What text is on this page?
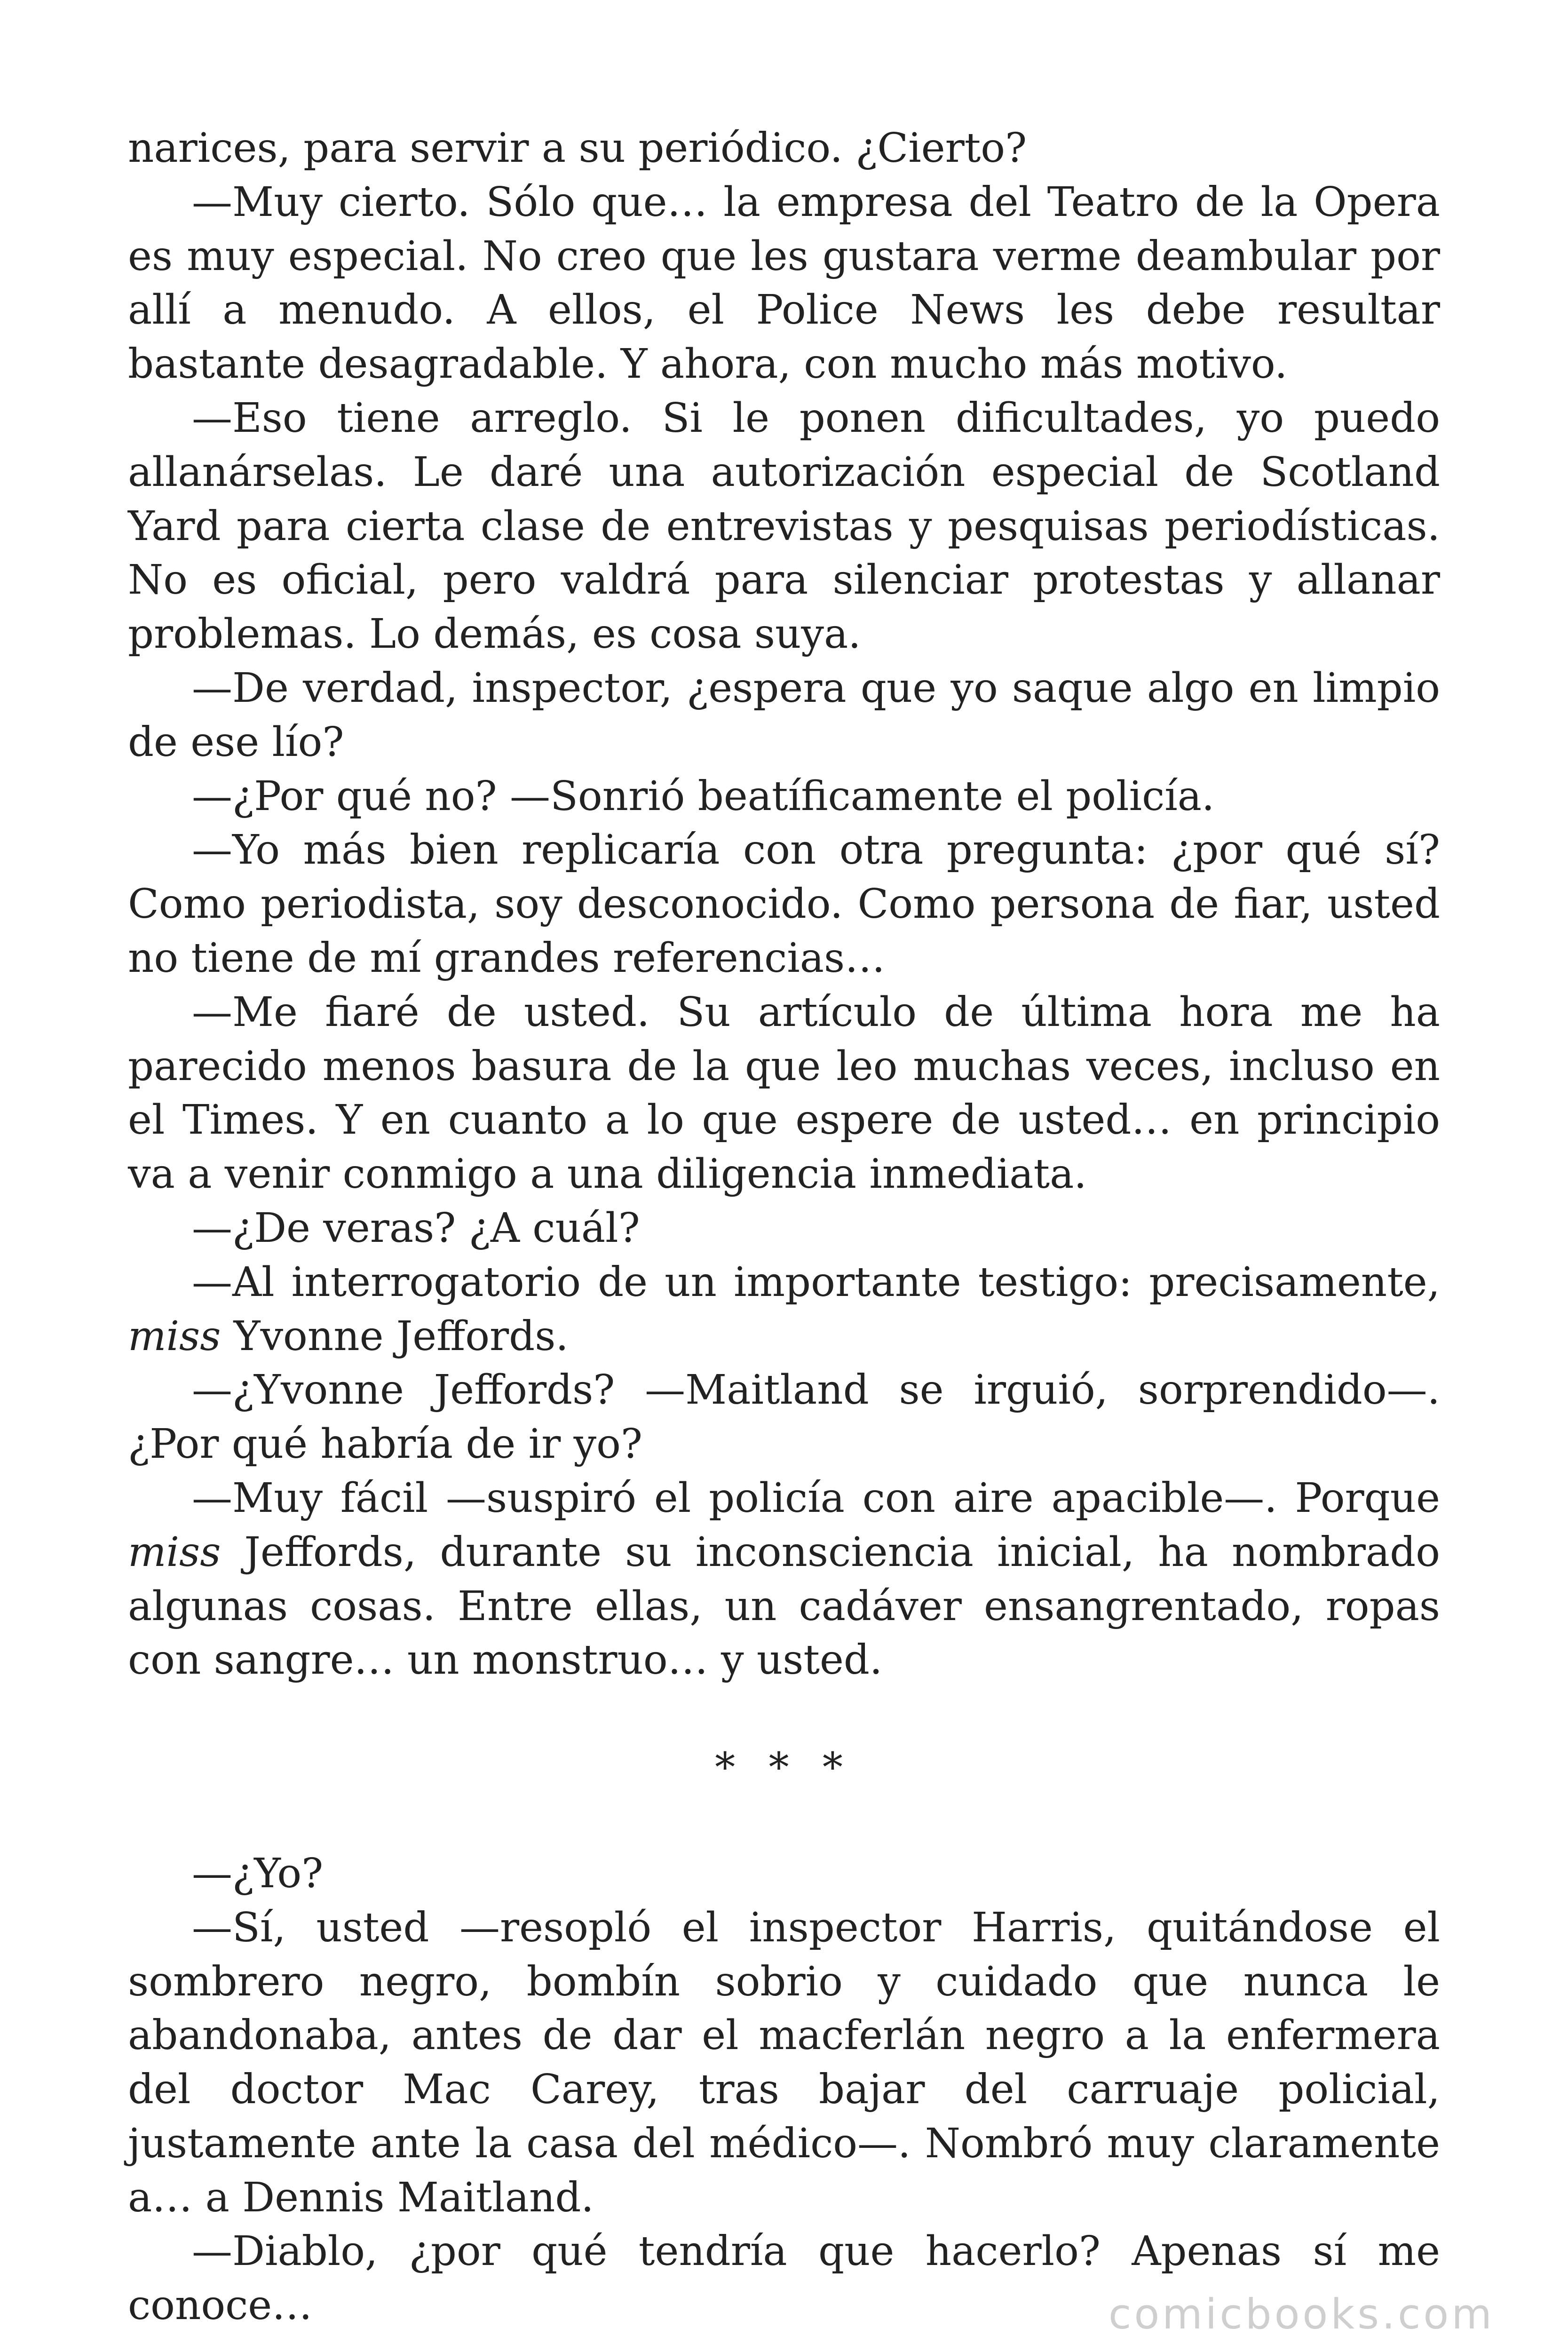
narices, para servir a su periódico. ¿Cierto?

—Muy cierto. Sólo que… la empresa del Teatro de la Opera es muy especial. No creo que les gustara verme deambular por allí a menudo. A ellos, el Police News les debe resultar bastante desagradable. Y ahora, con mucho más motivo.

—Eso tiene arreglo. Si le ponen dificultades, yo puedo allanárselas. Le daré una autorización especial de Scotland Yard para cierta clase de entrevistas y pesquisas periodísticas. No es oficial, pero valdrá para silenciar protestas y allanar problemas. Lo demás, es cosa suya.

—De verdad, inspector, ¿espera que yo saque algo en limpio de ese lío?

—¿Por qué no? —Sonrió beatíficamente el policía.

—Yo más bien replicaría con otra pregunta: ¿por qué sí? Como periodista, soy desconocido. Como persona de fiar, usted no tiene de mí grandes referencias…

—Me fiaré de usted. Su artículo de última hora me ha parecido menos basura de la que leo muchas veces, incluso en el Times. Y en cuanto a lo que espere de usted… en principio va a venir conmigo a una diligencia inmediata.

—¿De veras? ¿A cuál?

—Al interrogatorio de un importante testigo: precisamente, miss Yvonne Jeffords.

—¿Yvonne Jeffords? —Maitland se irguió, sorprendido—. ¿Por qué habría de ir yo?

—Muy fácil —suspiró el policía con aire apacible—. Porque miss Jeffords, durante su inconsciencia inicial, ha nombrado algunas cosas. Entre ellas, un cadáver ensangrentado, ropas con sangre… un monstruo… y usted.

* * *

—¿Yo?

—Sí, usted —resopló el inspector Harris, quitándose el sombrero negro, bombín sobrio y cuidado que nunca le abandonaba, antes de dar el macferlán negro a la enfermera del doctor Mac Carey, tras bajar del carruaje policial, justamente ante la casa del médico—. Nombró muy claramente a… a Dennis Maitland.

—Diablo, ¿por qué tendría que hacerlo? Apenas sí me conoce…	comicbooks.com
